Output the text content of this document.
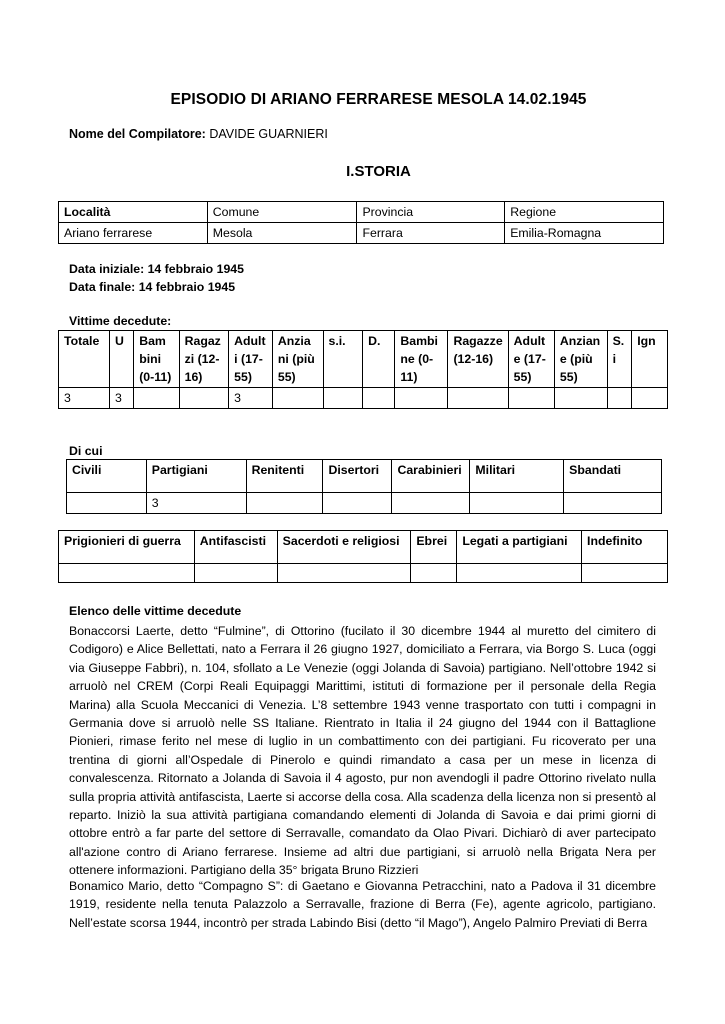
EPISODIO DI ARIANO FERRARESE MESOLA 14.02.1945
Nome del Compilatore: DAVIDE GUARNIERI
I.STORIA
Località	Comune	Provincia	Regione
Ariano ferrarese	Mesola	Ferrara	Emilia-Romagna
Data iniziale: 14 febbraio 1945
Data finale: 14 febbraio 1945
Vittime decedute:
Totale	U	Bam bini (0-11)	Ragaz zi (12-16)	Adult i (17-55)	Anzia ni (più 55)	s.i.	D.	Bambi ne (0-11)	Ragazze (12-16)	Adult e (17-55)	Anzian e (più 55)	S. i	Ign
3	3			3									
Di cui
Civili	Partigiani	Renitenti	Disertori	Carabinieri	Militari	Sbandati
	3					
Prigionieri di guerra	Antifascisti	Sacerdoti e religiosi	Ebrei	Legati a partigiani	Indefinito

Elenco delle vittime decedute
Bonaccorsi Laerte, detto “Fulmine”, di Ottorino (fucilato il 30 dicembre 1944 al muretto del cimitero di Codigoro) e Alice Bellettati, nato a Ferrara il 26 giugno 1927, domiciliato a Ferrara, via Borgo S. Luca (oggi via Giuseppe Fabbri), n. 104, sfollato a Le Venezie (oggi Jolanda di Savoia) partigiano. Nell’ottobre 1942 si arruolò nel CREM (Corpi Reali Equipaggi Marittimi, istituti di formazione per il personale della Regia Marina) alla Scuola Meccanici di Venezia. L’8 settembre 1943 venne trasportato con tutti i compagni in Germania dove si arruolò nelle SS Italiane. Rientrato in Italia il 24 giugno del 1944 con il Battaglione Pionieri, rimase ferito nel mese di luglio in un combattimento con dei partigiani. Fu ricoverato per una trentina di giorni all’Ospedale di Pinerolo e quindi rimandato a casa per un mese in licenza di convalescenza. Ritornato a Jolanda di Savoia il 4 agosto, pur non avendogli il padre Ottorino rivelato nulla sulla propria attività antifascista, Laerte si accorse della cosa. Alla scadenza della licenza non si presentò al reparto. Iniziò la sua attività partigiana comandando elementi di Jolanda di Savoia e dai primi giorni di ottobre entrò a far parte del settore di Serravalle, comandato da Olao Pivari. Dichiarò di aver partecipato all'azione contro di Ariano ferrarese. Insieme ad altri due partigiani, si arruolò nella Brigata Nera per ottenere informazioni. Partigiano della 35° brigata Bruno Rizzieri
Bonamico Mario, detto “Compagno S”: di Gaetano e Giovanna Petracchini, nato a Padova il 31 dicembre 1919, residente nella tenuta Palazzolo a Serravalle, frazione di Berra (Fe), agente agricolo, partigiano. Nell’estate scorsa 1944, incontrò per strada Labindo Bisi (detto “il Mago”), Angelo Palmiro Previati di Berra
